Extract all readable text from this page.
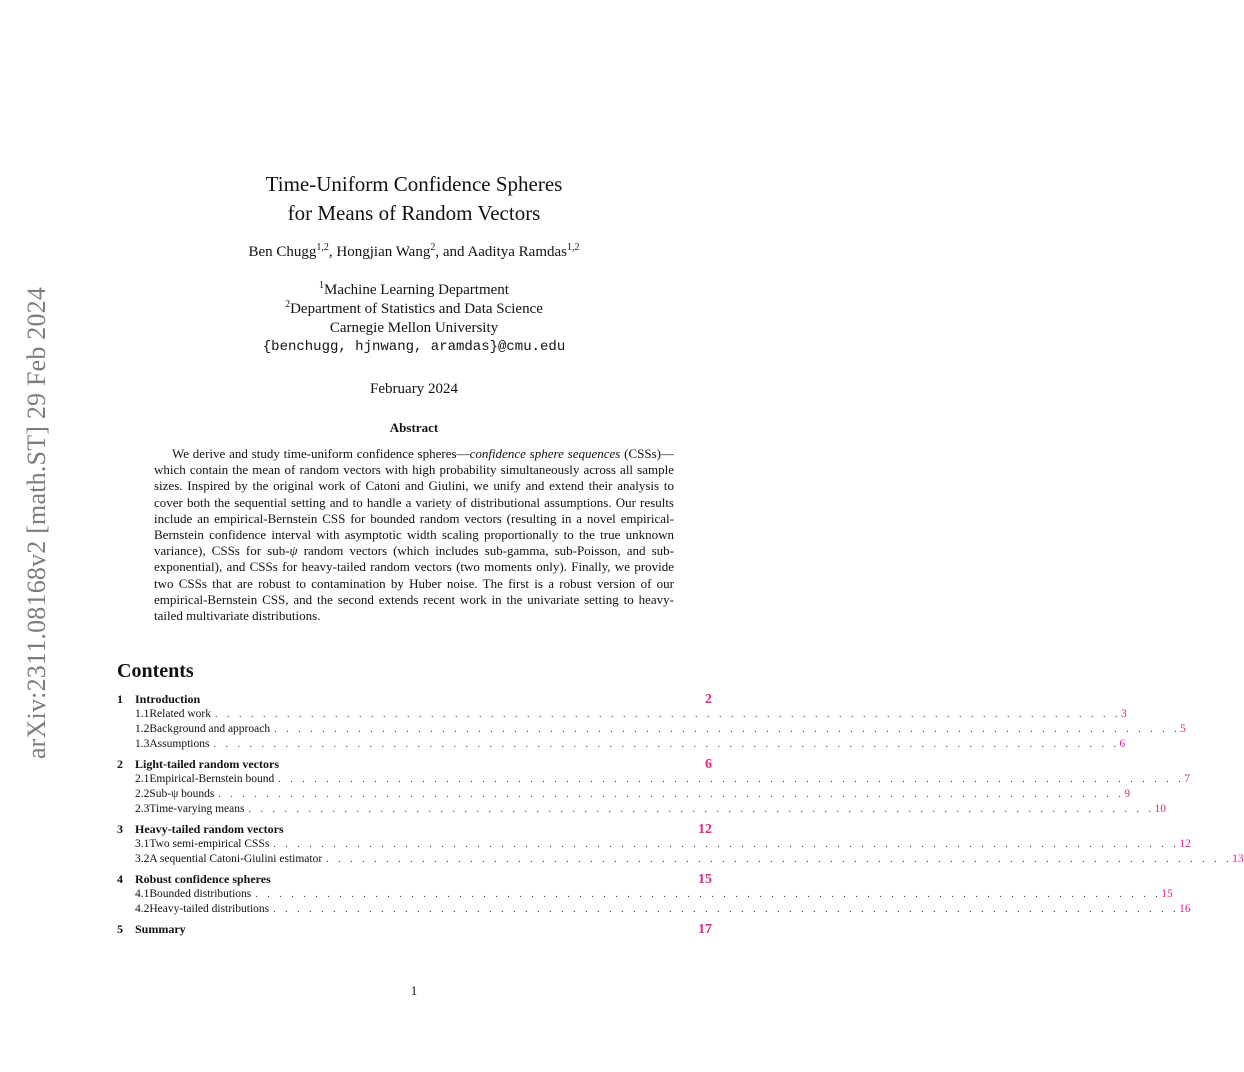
arXiv:2311.08168v2 [math.ST] 29 Feb 2024
Time-Uniform Confidence Spheres
for Means of Random Vectors
Ben Chugg$^{1,2}$, Hongjian Wang$^2$, and Aaditya Ramdas$^{1,2}$
$^1$Machine Learning Department
$^2$Department of Statistics and Data Science
Carnegie Mellon University
{benchugg, hjnwang, aramdas}@cmu.edu
February 2024
Abstract

We derive and study time-uniform confidence spheres—confidence sphere sequences (CSSs)—which contain the mean of random vectors with high probability simultaneously across all sample sizes. Inspired by the original work of Catoni and Giulini, we unify and extend their analysis to cover both the sequential setting and to handle a variety of distributional assumptions. Our results include an empirical-Bernstein CSS for bounded random vectors (resulting in a novel empirical-Bernstein confidence interval with asymptotic width scaling proportionally to the true unknown variance), CSSs for sub-ψ random vectors (which includes sub-gamma, sub-Poisson, and sub-exponential), and CSSs for heavy-tailed random vectors (two moments only). Finally, we provide two CSSs that are robust to contamination by Huber noise. The first is a robust version of our empirical-Bernstein CSS, and the second extends recent work in the univariate setting to heavy-tailed multivariate distributions.

Contents
1	Introduction	2
1.1 Related work . . . . . . . . . . . . . . . . . . . . . . . . . . . . . . . . . . . . . . . . . . . . . . . . . . . . . . . . . . . . . . . . . . . . . . . . . . . . 3
1.2 Background and approach . . . . . . . . . . . . . . . . . . . . . . . . . . . . . . . . . . . . . . . . . . . . . . . . . . . . . . . . . . . . . . . . . . . . . . . . . . . . 5
1.3 Assumptions . . . . . . . . . . . . . . . . . . . . . . . . . . . . . . . . . . . . . . . . . . . . . . . . . . . . . . . . . . . . . . . . . . . . . . . . . . . . 6
2	Light-tailed random vectors	6
2.1 Empirical-Bernstein bound . . . . . . . . . . . . . . . . . . . . . . . . . . . . . . . . . . . . . . . . . . . . . . . . . . . . . . . . . . . . . . . . . . . . . . . . . . . . 7
2.2 Sub-ψ bounds . . . . . . . . . . . . . . . . . . . . . . . . . . . . . . . . . . . . . . . . . . . . . . . . . . . . . . . . . . . . . . . . . . . . . . . . . . . . 9
2.3 Time-varying means . . . . . . . . . . . . . . . . . . . . . . . . . . . . . . . . . . . . . . . . . . . . . . . . . . . . . . . . . . . . . . . . . . . . . . . . . . . . 10
3	Heavy-tailed random vectors	12
3.1 Two semi-empirical CSSs . . . . . . . . . . . . . . . . . . . . . . . . . . . . . . . . . . . . . . . . . . . . . . . . . . . . . . . . . . . . . . . . . . . . . . . . . . . . 12
3.2 A sequential Catoni-Giulini estimator . . . . . . . . . . . . . . . . . . . . . . . . . . . . . . . . . . . . . . . . . . . . . . . . . . . . . . . . . . . . . . . . . . . . . . . . . . . . 13
4	Robust confidence spheres	15
4.1 Bounded distributions . . . . . . . . . . . . . . . . . . . . . . . . . . . . . . . . . . . . . . . . . . . . . . . . . . . . . . . . . . . . . . . . . . . . . . . . . . . . 15
4.2 Heavy-tailed distributions . . . . . . . . . . . . . . . . . . . . . . . . . . . . . . . . . . . . . . . . . . . . . . . . . . . . . . . . . . . . . . . . . . . . . . . . . . . . 16
5	Summary	17
1
